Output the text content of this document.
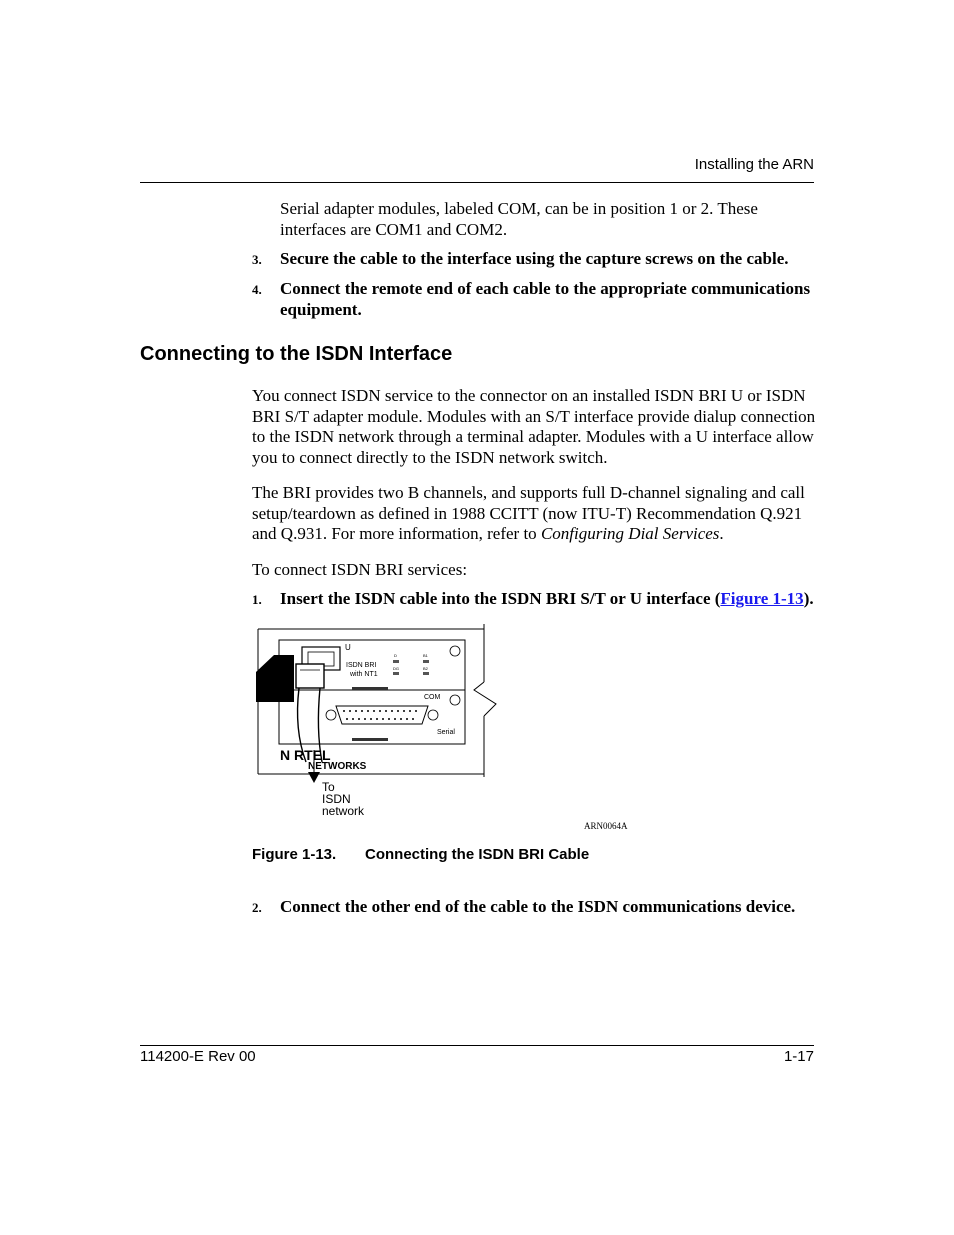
Installing the ARN
Serial adapter modules, labeled COM, can be in position 1 or 2. These interfaces are COM1 and COM2.
3. Secure the cable to the interface using the capture screws on the cable.
4. Connect the remote end of each cable to the appropriate communications equipment.
Connecting to the ISDN Interface
You connect ISDN service to the connector on an installed ISDN BRI U or ISDN BRI S/T adapter module. Modules with an S/T interface provide dialup connection to the ISDN network through a terminal adapter. Modules with a U interface allow you to connect directly to the ISDN network switch.
The BRI provides two B channels, and supports full D-channel signaling and call setup/teardown as defined in 1988 CCITT (now ITU-T) Recommendation Q.921 and Q.931. For more information, refer to Configuring Dial Services.
To connect ISDN BRI services:
1. Insert the ISDN cable into the ISDN BRI S/T or U interface (Figure 1-13).
U
ISDN BRI
with NT1
D	B1
DG	B2
COM
Serial
N RTEL
NETWORKS
To
ISDN
network
ARN0064A
Figure 1-13. Connecting the ISDN BRI Cable
2. Connect the other end of the cable to the ISDN communications device.
114200-E Rev 00	1-17
